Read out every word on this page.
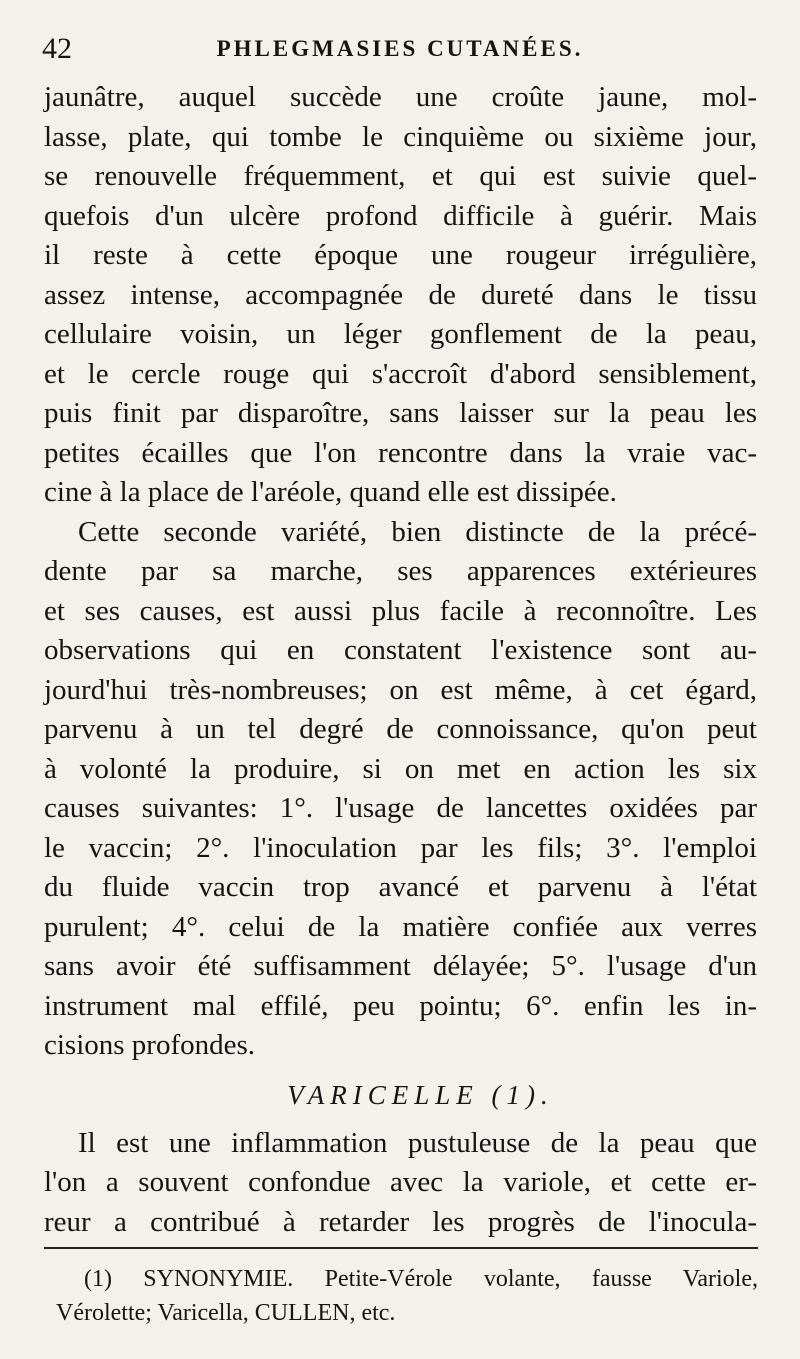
42	PHLEGMASIES CUTANÉES.
jaunâtre, auquel succède une croûte jaune, mol-
lasse, plate, qui tombe le cinquième ou sixième jour,
se renouvelle fréquemment, et qui est suivie quel-
quefois d'un ulcère profond difficile à guérir. Mais
il reste à cette époque une rougeur irrégulière,
assez intense, accompagnée de dureté dans le tissu
cellulaire voisin, un léger gonflement de la peau,
et le cercle rouge qui s'accroît d'abord sensiblement,
puis finit par disparoître, sans laisser sur la peau les
petites écailles que l'on rencontre dans la vraie vac-
cine à la place de l'aréole, quand elle est dissipée.
Cette seconde variété, bien distincte de la précé-
dente par sa marche, ses apparences extérieures
et ses causes, est aussi plus facile à reconnoître. Les
observations qui en constatent l'existence sont au-
jourd'hui très-nombreuses; on est même, à cet égard,
parvenu à un tel degré de connoissance, qu'on peut
à volonté la produire, si on met en action les six
causes suivantes: 1°. l'usage de lancettes oxidées par
le vaccin; 2°. l'inoculation par les fils; 3°. l'emploi
du fluide vaccin trop avancé et parvenu à l'état
purulent; 4°. celui de la matière confiée aux verres
sans avoir été suffisamment délayée; 5°. l'usage d'un
instrument mal effilé, peu pointu; 6°. enfin les in-
cisions profondes.
VARICELLE (1).
Il est une inflammation pustuleuse de la peau que
l'on a souvent confondue avec la variole, et cette er-
reur a contribué à retarder les progrès de l'inocula-
(1) SYNONYMIE. Petite-Vérole volante, fausse Variole,
Vérolette; Varicella, CULLEN, etc.
